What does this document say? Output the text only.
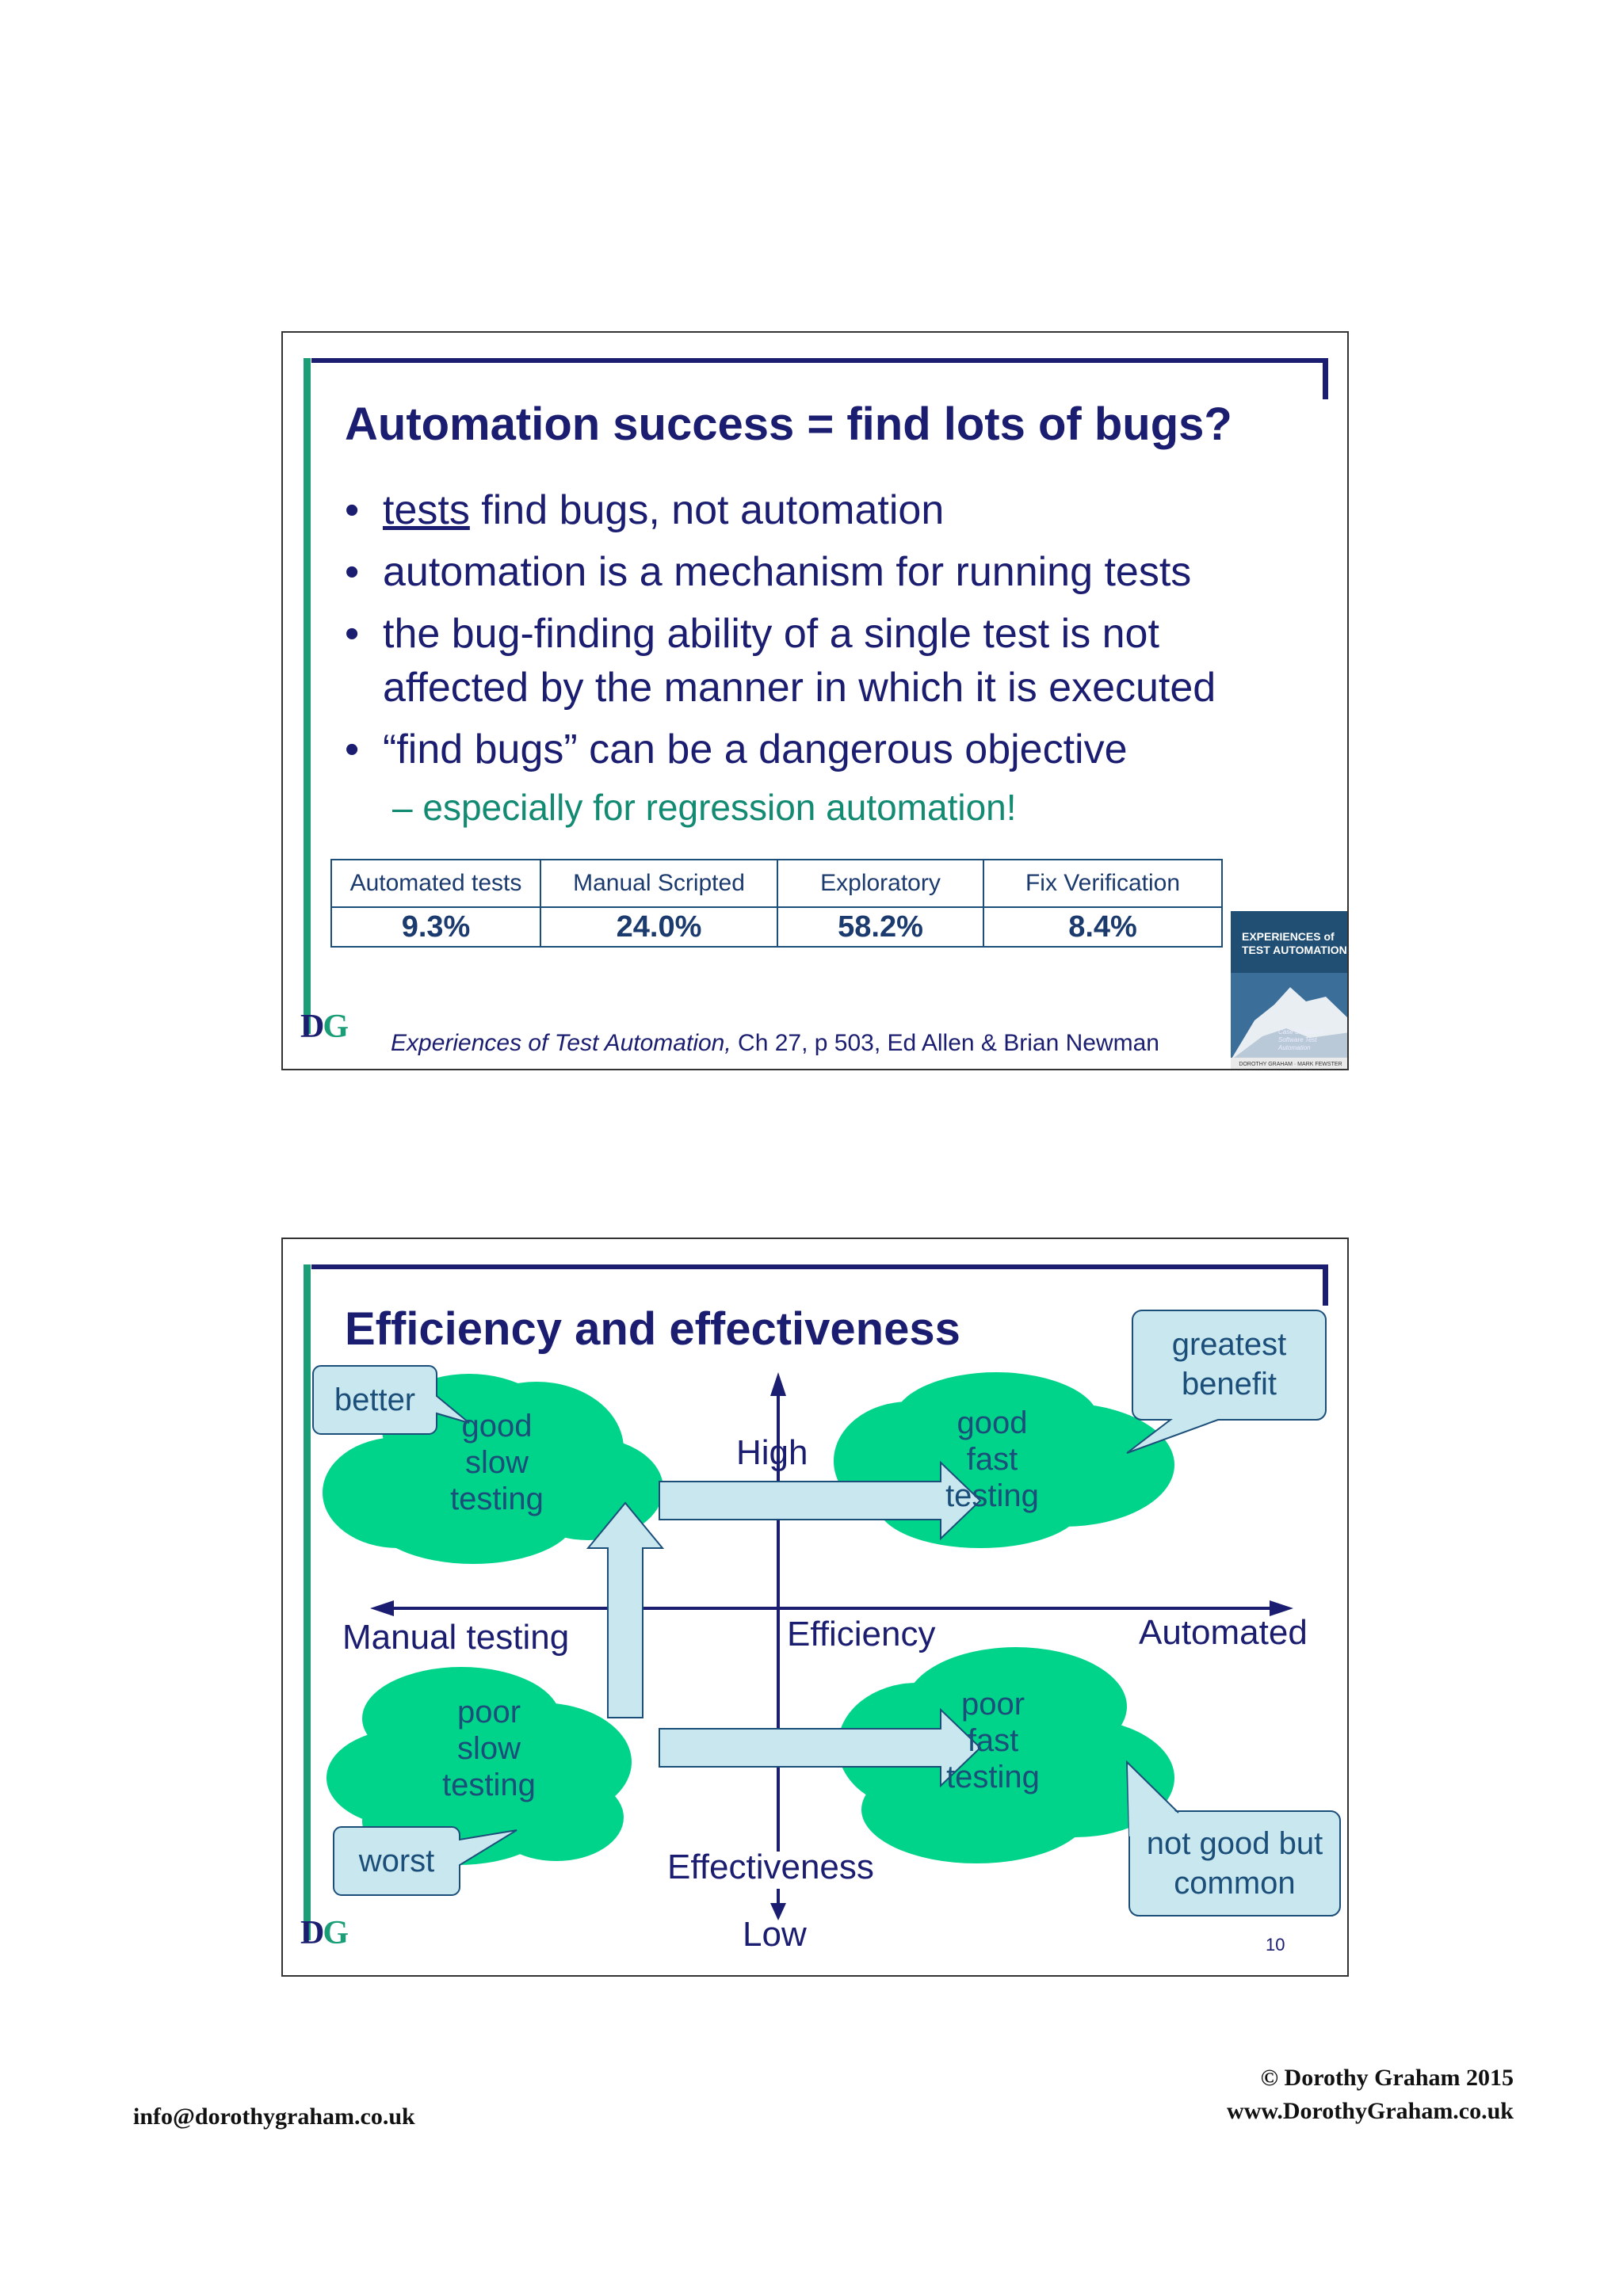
Automation success = find lots of bugs?
• tests find bugs, not automation
• automation is a mechanism for running tests
• the bug-finding ability of a single test is not affected by the manner in which it is executed
• “find bugs” can be a dangerous objective
– especially for regression automation!
Automated tests	Manual Scripted	Exploratory	Fix Verification
9.3%	24.0%	58.2%	8.4%
DG Experiences of Test Automation, Ch 27, p 503, Ed Allen & Brian Newman
EXPERIENCES of
TEST AUTOMATION
Case Studies of Software Test Automation
DOROTHY GRAHAM · MARK FEWSTER
Efficiency and effectiveness
good
slow
testing
good
fast
testing
poor
slow
testing
poor
fast
testing
High
Manual testing	Efficiency	Automated
Effectiveness
Low
better
greatest
benefit
worst	not good but
common
DG	10
© Dorothy Graham 2015
www.DorothyGraham.co.uk
info@dorothygraham.co.uk
